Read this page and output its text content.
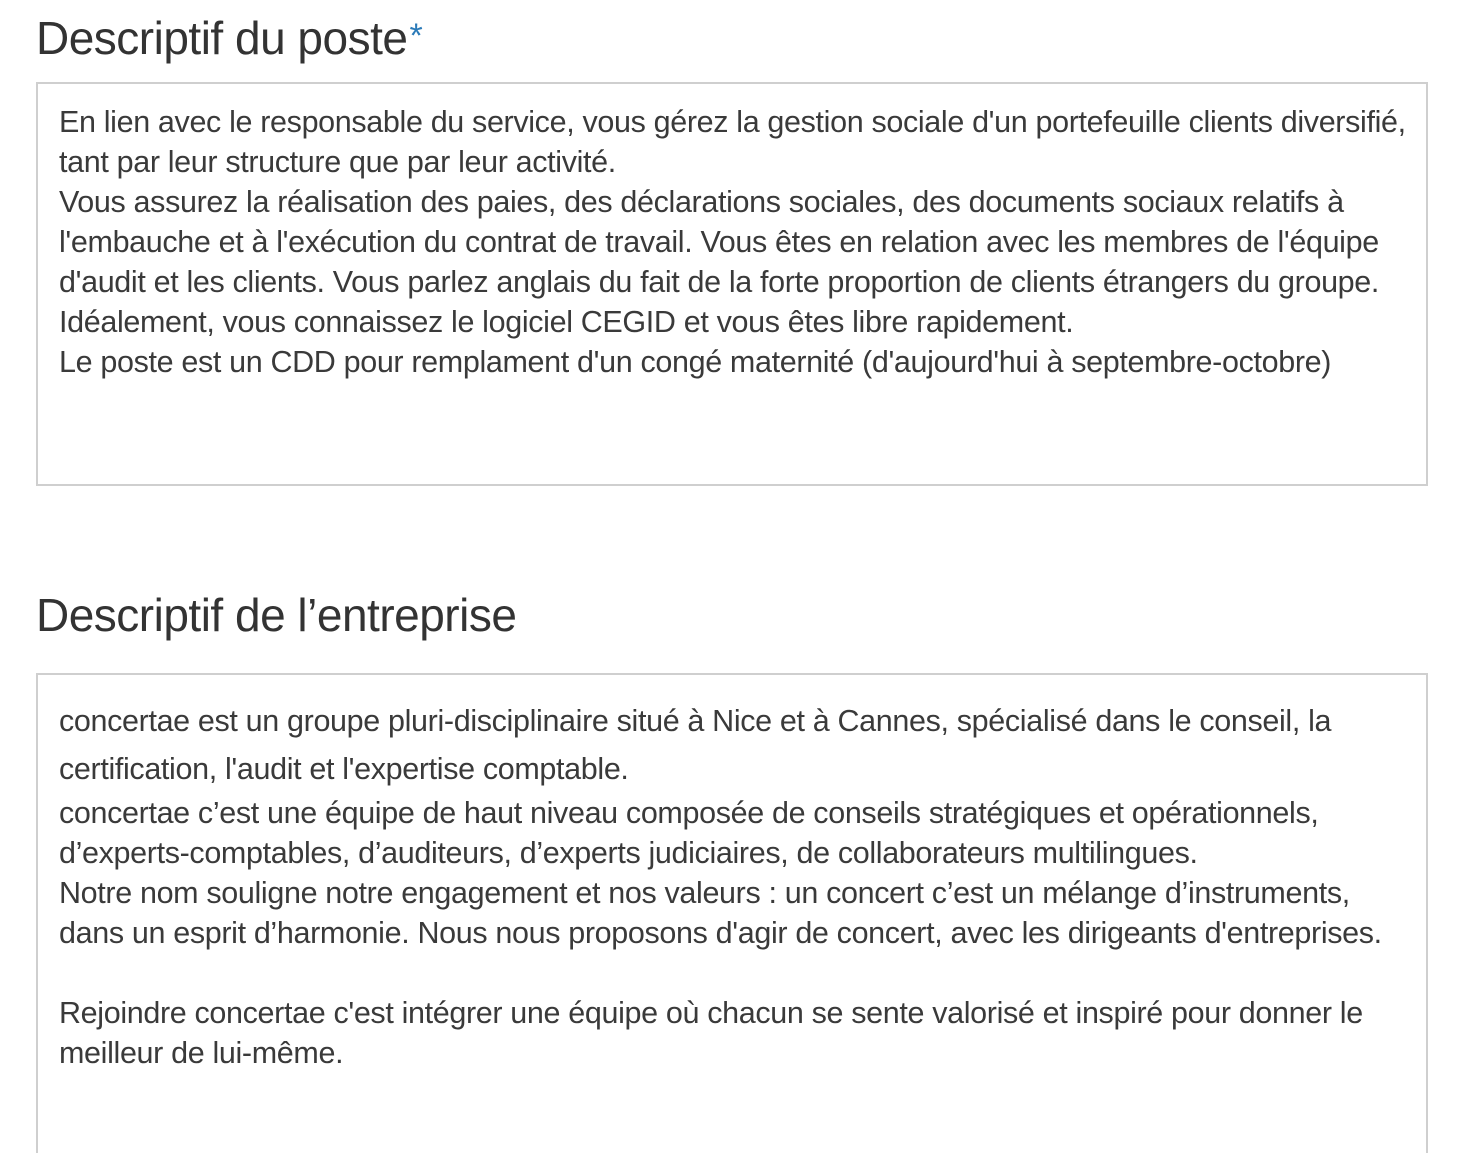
Descriptif du poste*

En lien avec le responsable du service, vous gérez la gestion sociale d'un portefeuille clients diversifié, tant par leur structure que par leur activité.

Vous assurez la réalisation des paies, des déclarations sociales, des documents sociaux relatifs à l'embauche et à l'exécution du contrat de travail. Vous êtes en relation avec les membres de l'équipe d'audit et les clients. Vous parlez anglais du fait de la forte proportion de clients étrangers du groupe.

Idéalement, vous connaissez le logiciel CEGID et vous êtes libre rapidement.

Le poste est un CDD pour remplament d'un congé maternité (d'aujourd'hui à septembre-octobre)

Descriptif de l’entreprise

concertae est un groupe pluri-disciplinaire situé à Nice et à Cannes, spécialisé dans le conseil, la certification, l'audit et l'expertise comptable.

concertae c’est une équipe de haut niveau composée de conseils stratégiques et opérationnels, d’experts-comptables, d’auditeurs, d’experts judiciaires, de collaborateurs multilingues.

Notre nom souligne notre engagement et nos valeurs : un concert c’est un mélange d’instruments, dans un esprit d’harmonie. Nous nous proposons d'agir de concert, avec les dirigeants d'entreprises.

Rejoindre concertae c'est intégrer une équipe où chacun se sente valorisé et inspiré pour donner le meilleur de lui-même.
